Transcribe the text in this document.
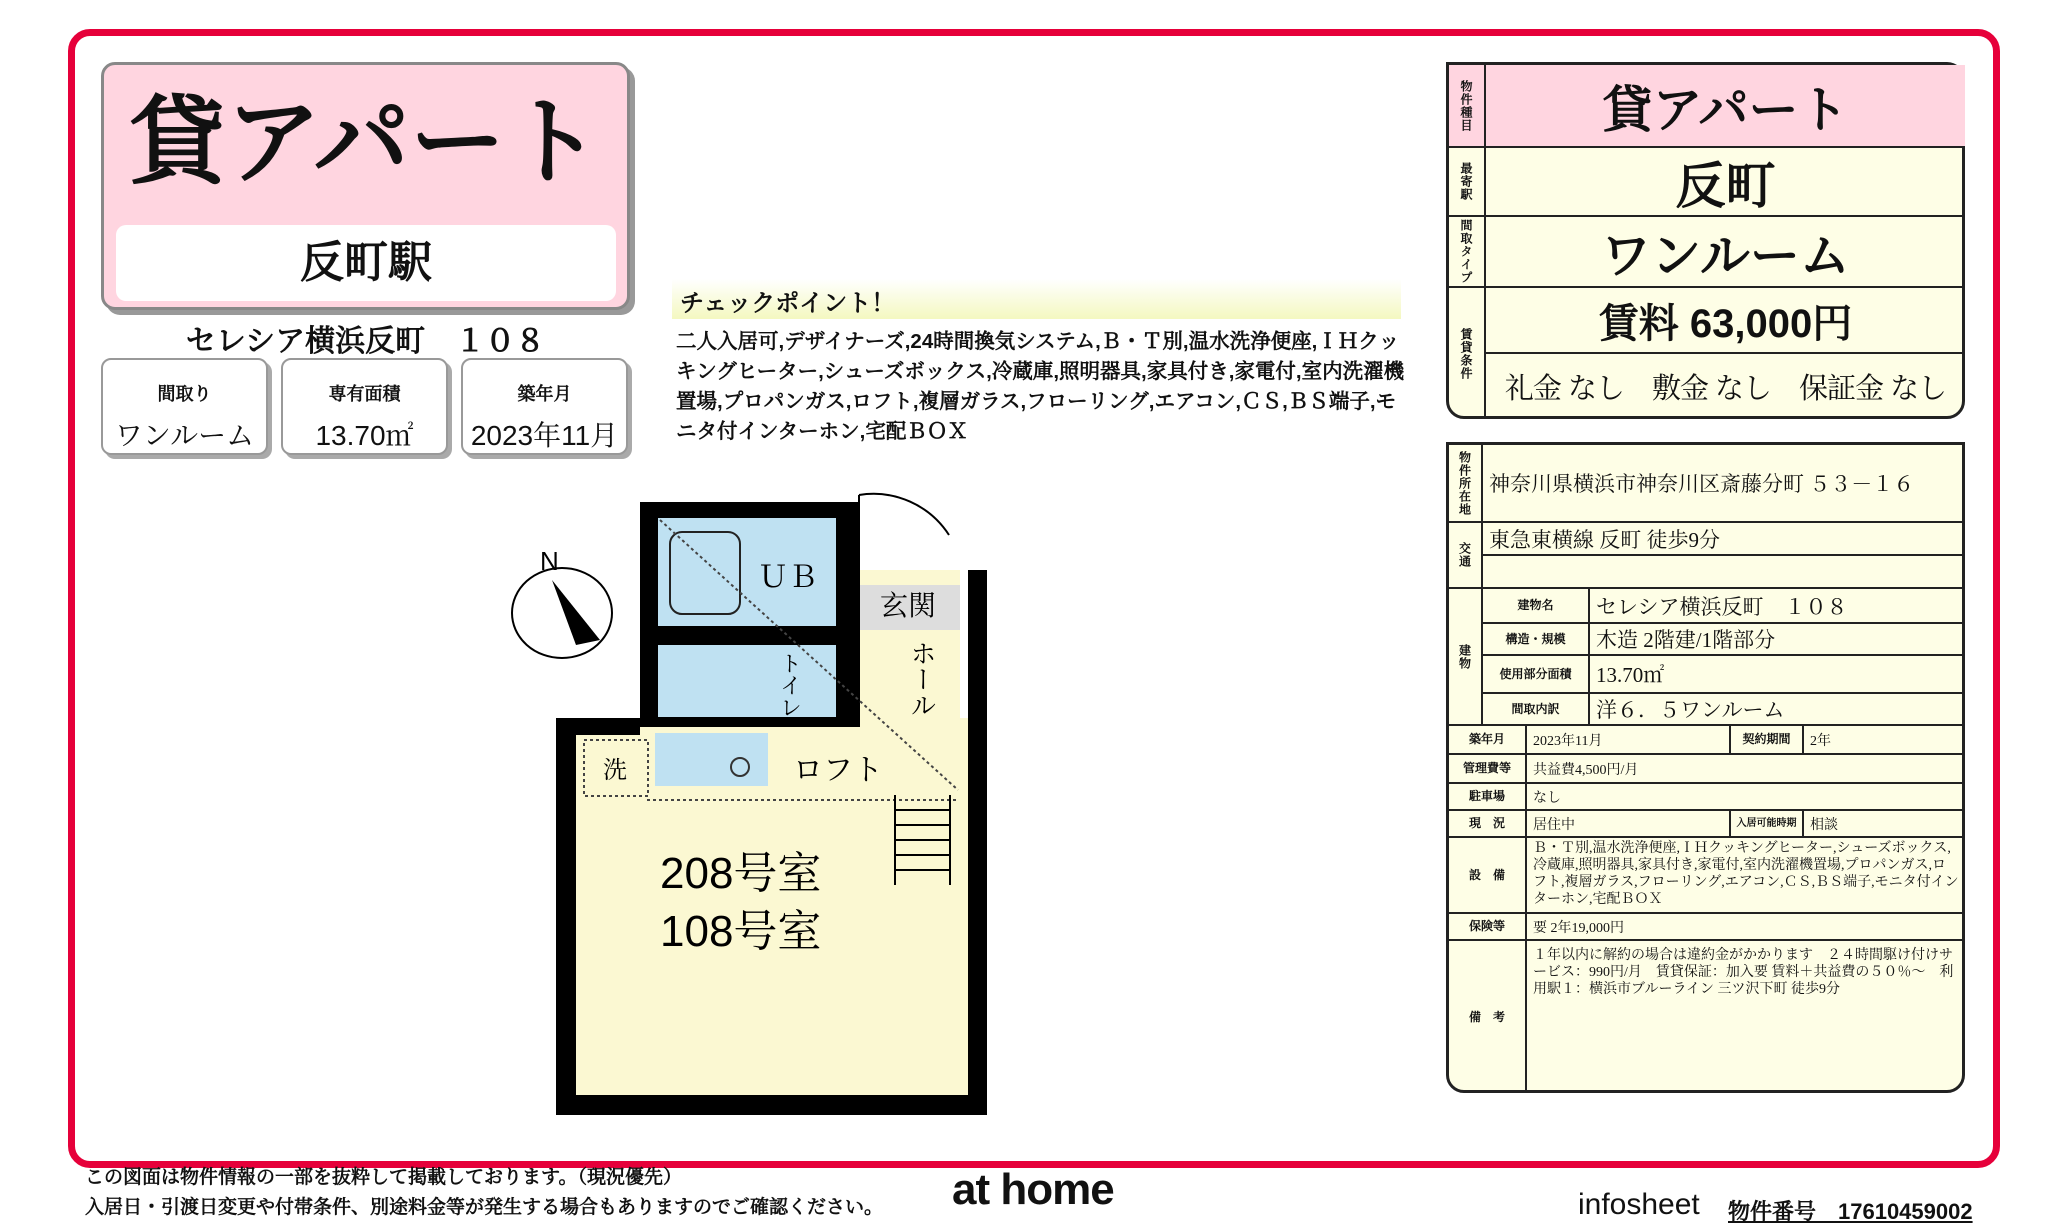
貸アパート
反町駅
セレシア横浜反町　１０８
間取り
ワンルーム
専有面積
13.70㎡
築年月
2023年11月
チェックポイント！
二人入居可,デザイナーズ,24時間換気システム,Ｂ・Ｔ別,温水洗浄便座,ＩＨクッキングヒーター,シューズボックス,冷蔵庫,照明器具,家具付き,家電付,室内洗濯機置場,プロパンガス,ロフト,複層ガラス,フローリング,エアコン,ＣＳ,ＢＳ端子,モニタ付インターホン,宅配ＢＯＸ
N	ＵＢ
玄関
トイレ	ホール
洗	ロフト
208号室
108号室
物件種目	貸アパート
最寄駅	反町
間取タイプ	ワンルーム
賃貸条件
賃料 63,000円
礼金 なし　敷金 なし　保証金 なし
物件所在地 神奈川県横浜市神奈川区斎藤分町 ５３－１６
交通
東急東横線 反町 徒歩9分
建物
建物名	セレシア横浜反町　１０８
構造・規模	木造 2階建/1階部分
使用部分面積	13.70㎡
間取内訳	洋６．５ワンルーム
築年月	2023年11月	契約期間	2年
管理費等	共益費4,500円/月
駐車場	なし
現　況	居住中	入居可能時期 相談
設　備
Ｂ・Ｔ別,温水洗浄便座,ＩＨクッキングヒーター,シューズボックス,冷蔵庫,照明器具,家具付き,家電付,室内洗濯機置場,プロパンガス,ロフト,複層ガラス,フローリング,エアコン,ＣＳ,ＢＳ端子,モニタ付インターホン,宅配ＢＯＸ
保険等	要 2年19,000円
備　考
１年以内に解約の場合は違約金がかかります　２４時間駆け付けサービス：990円/月　賃貸保証：加入要 賃料＋共益費の５０％～　利用駅１：横浜市ブルーライン 三ツ沢下町 徒歩9分
この図面は物件情報の一部を抜粋して掲載しております。（現況優先）
入居日・引渡日変更や付帯条件、別途料金等が発生する場合もありますのでご確認ください。 at home	infosheet 物件番号　17610459002
